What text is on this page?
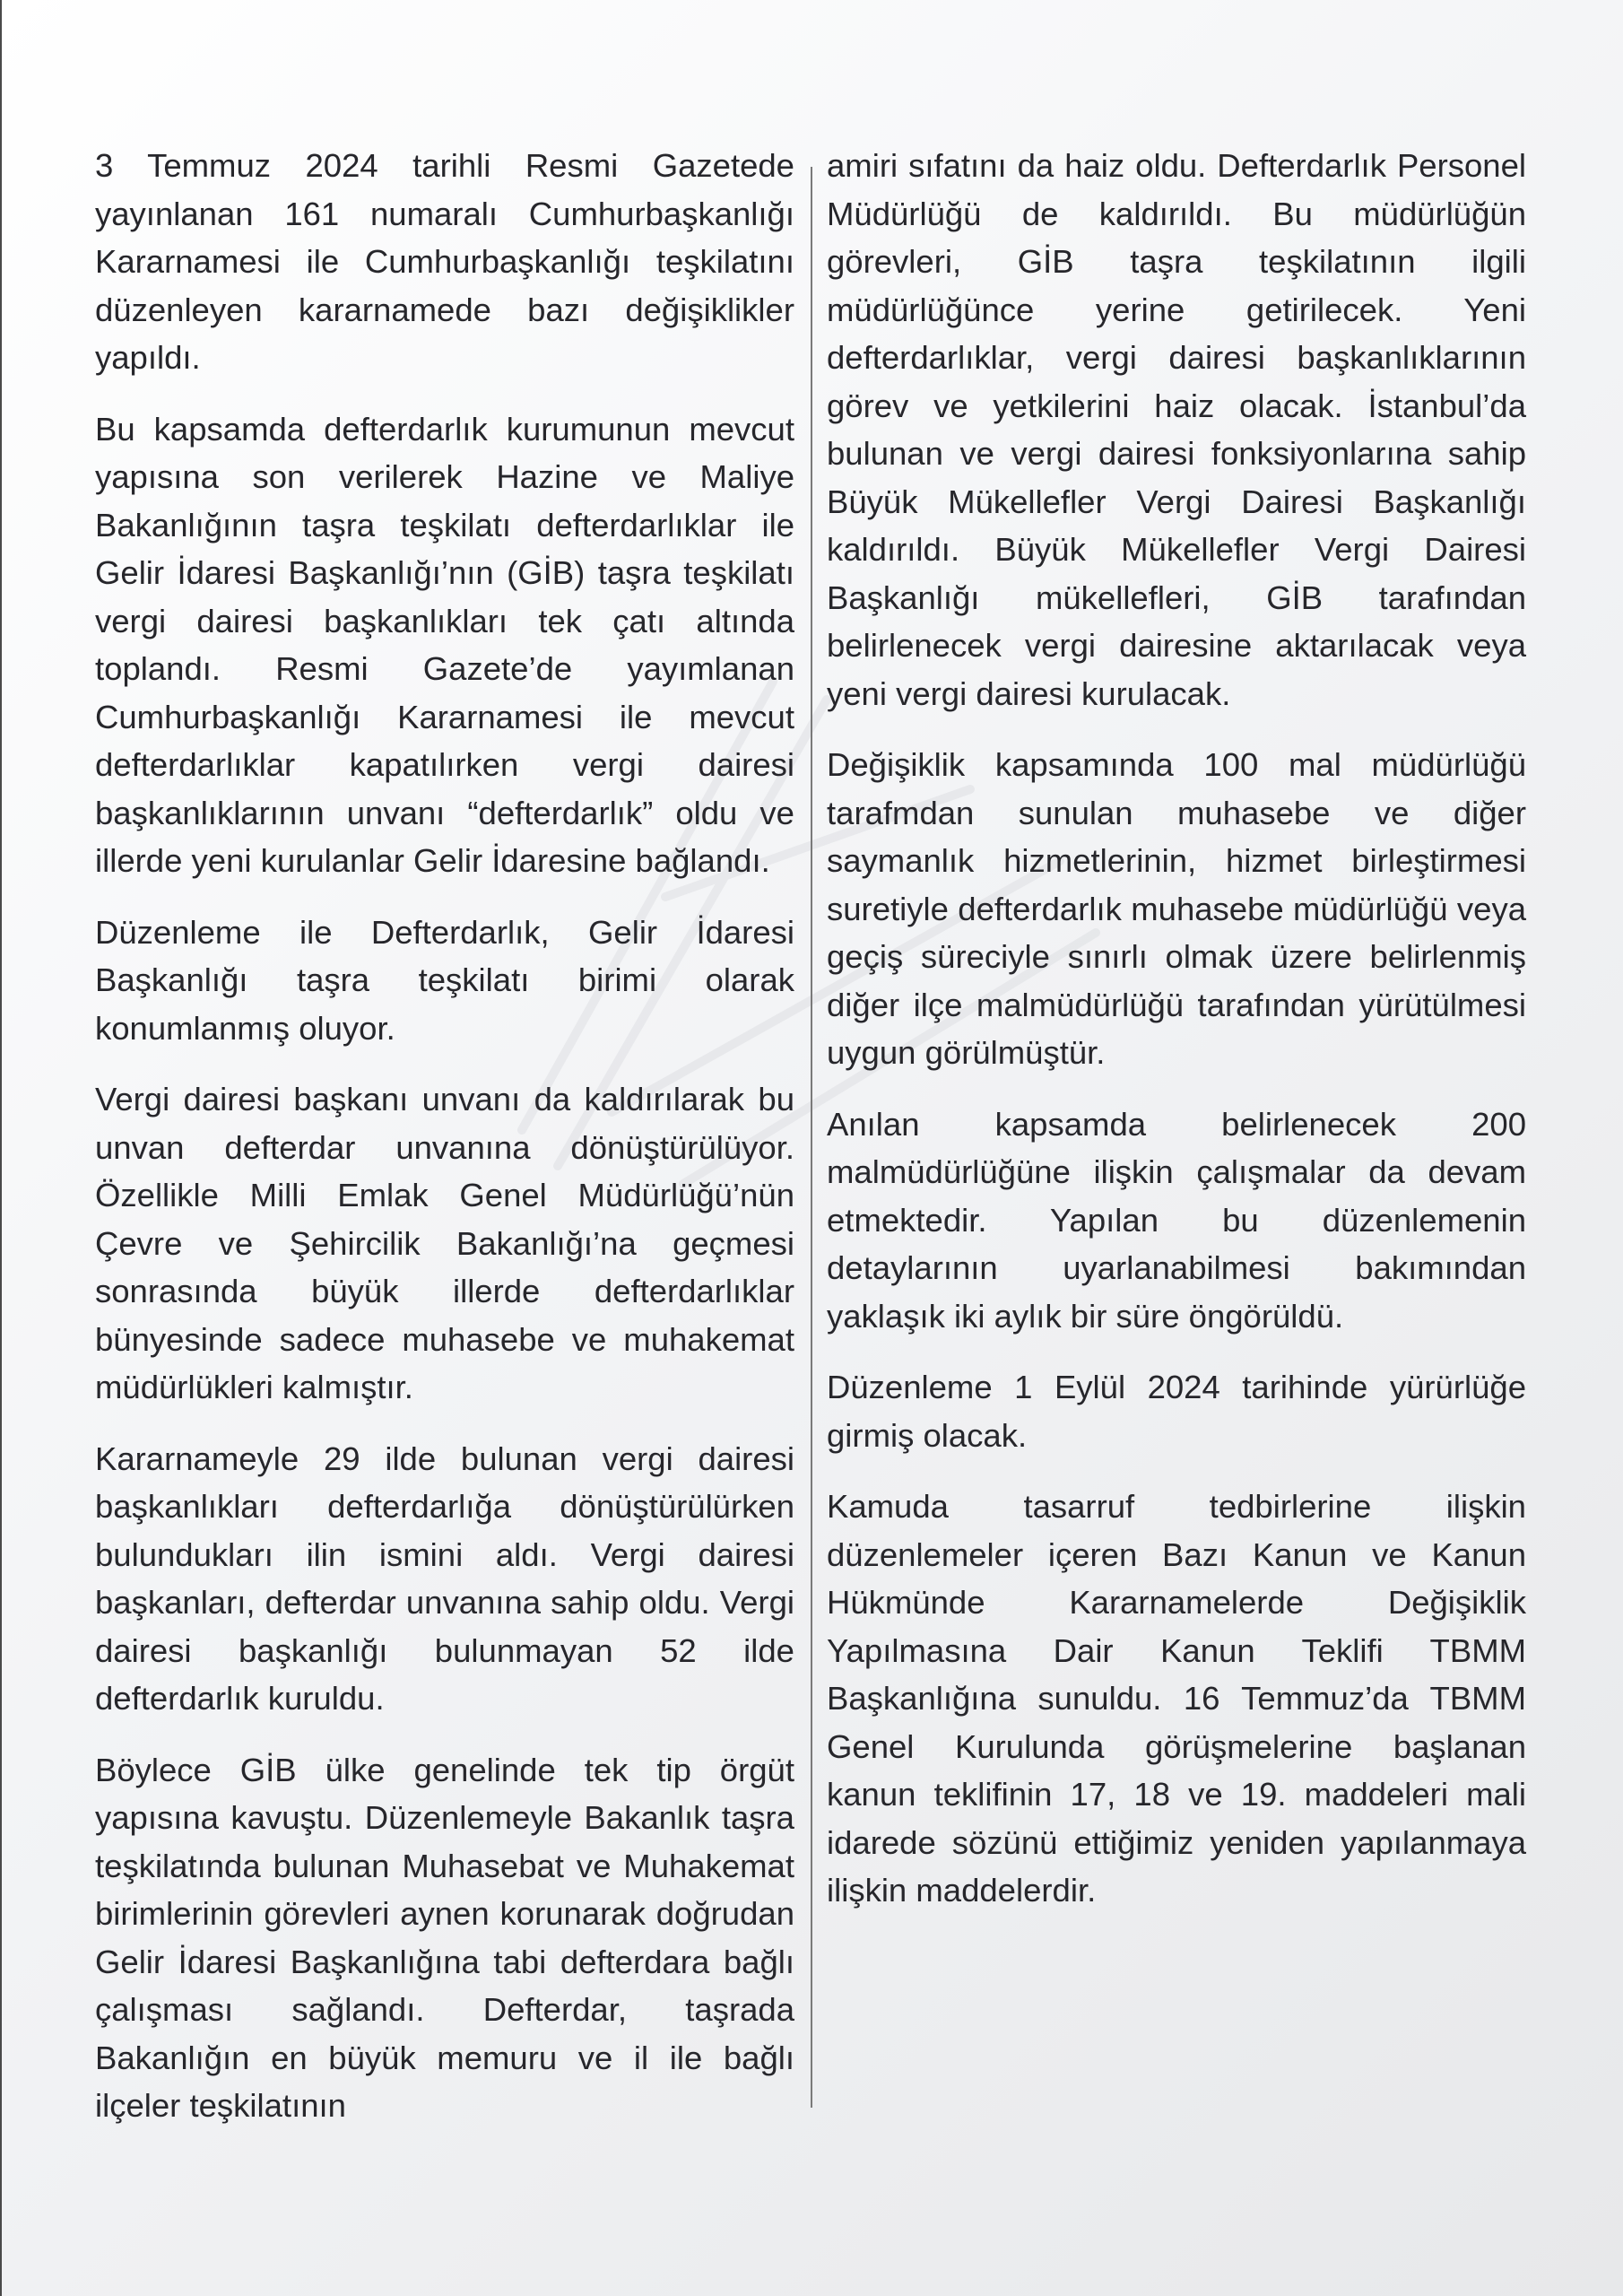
3 Temmuz 2024 tarihli Resmi Gazetede yayınlanan 161 numaralı Cumhurbaşkanlığı Kararnamesi ile Cumhurbaşkanlığı teşkilatını düzenleyen kararnamede bazı değişiklikler yapıldı.

Bu kapsamda defterdarlık kurumunun mevcut yapısına son verilerek Hazine ve Maliye Bakanlığının taşra teşkilatı defterdarlıklar ile Gelir İdaresi Başkanlığı’nın (GİB) taşra teşkilatı vergi dairesi başkanlıkları tek çatı altında toplandı. Resmi Gazete’de yayımlanan Cumhurbaşkanlığı Kararnamesi ile mevcut defterdarlıklar kapatılırken vergi dairesi başkanlıklarının unvanı “defterdarlık” oldu ve illerde yeni kurulanlar Gelir İdaresine bağlandı.

Düzenleme ile Defterdarlık, Gelir İdaresi Başkanlığı taşra teşkilatı birimi olarak konumlanmış oluyor.

Vergi dairesi başkanı unvanı da kaldırılarak bu unvan defterdar unvanına dönüştürülüyor. Özellikle Milli Emlak Genel Müdürlüğü’nün Çevre ve Şehircilik Bakanlığı’na geçmesi sonrasında büyük illerde defterdarlıklar bünyesinde sadece muhasebe ve muhakemat müdürlükleri kalmıştır.

Kararnameyle 29 ilde bulunan vergi dairesi başkanlıkları defterdarlığa dönüştürülürken bulundukları ilin ismini aldı. Vergi dairesi başkanları, defterdar unvanına sahip oldu. Vergi dairesi başkanlığı bulunmayan 52 ilde defterdarlık kuruldu.

Böylece GİB ülke genelinde tek tip örgüt yapısına kavuştu. Düzenlemeyle Bakanlık taşra teşkilatında bulunan Muhasebat ve Muhakemat birimlerinin görevleri aynen korunarak doğrudan Gelir İdaresi Başkanlığına tabi defterdara bağlı çalışması sağlandı. Defterdar, taşrada Bakanlığın en büyük memuru ve il ile bağlı ilçeler teşkilatının

amiri sıfatını da haiz oldu. Defterdarlık Personel Müdürlüğü de kaldırıldı. Bu müdürlüğün görevleri, GİB taşra teşkilatının ilgili müdürlüğünce yerine getirilecek. Yeni defterdarlıklar, vergi dairesi başkanlıklarının görev ve yetkilerini haiz olacak. İstanbul’da bulunan ve vergi dairesi fonksiyonlarına sahip Büyük Mükellefler Vergi Dairesi Başkanlığı kaldırıldı. Büyük Mükellefler Vergi Dairesi Başkanlığı mükellefleri, GİB tarafından belirlenecek vergi dairesine aktarılacak veya yeni vergi dairesi kurulacak.

Değişiklik kapsamında 100 mal müdürlüğü tarafmdan sunulan muhasebe ve diğer saymanlık hizmetlerinin, hizmet birleştirmesi suretiyle defterdarlık muhasebe müdürlüğü veya geçiş süreciyle sınırlı olmak üzere belirlenmiş diğer ilçe malmüdürlüğü tarafından yürütülmesi uygun görülmüştür.

Anılan kapsamda belirlenecek 200 malmüdürlüğüne ilişkin çalışmalar da devam etmektedir. Yapılan bu düzenlemenin detaylarının uyarlanabilmesi bakımından yaklaşık iki aylık bir süre öngörüldü.

Düzenleme 1 Eylül 2024 tarihinde yürürlüğe girmiş olacak.

Kamuda tasarruf tedbirlerine ilişkin düzenlemeler içeren Bazı Kanun ve Kanun Hükmünde Kararnamelerde Değişiklik Yapılmasına Dair Kanun Teklifi TBMM Başkanlığına sunuldu. 16 Temmuz’da TBMM Genel Kurulunda görüşmelerine başlanan kanun teklifinin 17, 18 ve 19. maddeleri mali idarede sözünü ettiğimiz yeniden yapılanmaya ilişkin maddelerdir.
